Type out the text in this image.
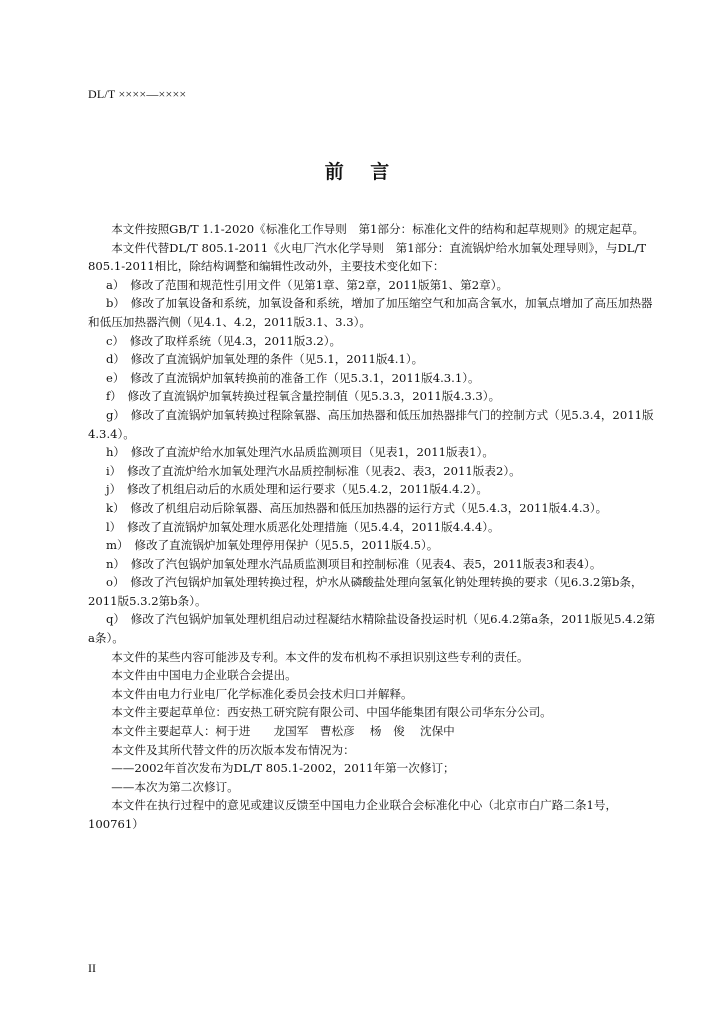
DL/T ××××—××××
前 言

本文件按照GB/T 1.1-2020《标准化工作导则　第1部分：标准化文件的结构和起草规则》的规定起草。

本文件代替DL/T 805.1-2011《火电厂汽水化学导则　第1部分：直流锅炉给水加氧处理导则》，与DL/T 805.1-2011相比，除结构调整和编辑性改动外，主要技术变化如下：

a）　修改了范围和规范性引用文件（见第1章、第2章，2011版第1、第2章）。

b）　修改了加氧设备和系统，加氧设备和系统，增加了加压缩空气和加高含氧水，加氧点增加了高压加热器和低压加热器汽侧（见4.1、4.2，2011版3.1、3.3）。

c）　修改了取样系统（见4.3，2011版3.2）。

d）　修改了直流锅炉加氧处理的条件（见5.1，2011版4.1）。

e）　修改了直流锅炉加氧转换前的准备工作（见5.3.1，2011版4.3.1）。

f）　修改了直流锅炉加氧转换过程氧含量控制值（见5.3.3，2011版4.3.3）。

g）　修改了直流锅炉加氧转换过程除氧器、高压加热器和低压加热器排气门的控制方式（见5.3.4，2011版4.3.4）。

h）　修改了直流炉给水加氧处理汽水品质监测项目（见表1，2011版表1）。

i）　修改了直流炉给水加氧处理汽水品质控制标准（见表2、表3，2011版表2）。

j）　修改了机组启动后的水质处理和运行要求（见5.4.2，2011版4.4.2）。

k）　修改了机组启动后除氧器、高压加热器和低压加热器的运行方式（见5.4.3，2011版4.4.3）。

l）　修改了直流锅炉加氧处理水质恶化处理措施（见5.4.4，2011版4.4.4）。

m）　修改了直流锅炉加氧处理停用保护（见5.5，2011版4.5）。

n）　修改了汽包锅炉加氧处理水汽品质监测项目和控制标准（见表4、表5，2011版表3和表4）。

o）　修改了汽包锅炉加氧处理转换过程，炉水从磷酸盐处理向氢氧化钠处理转换的要求（见6.3.2第b条，2011版5.3.2第b条）。

q）　修改了汽包锅炉加氧处理机组启动过程凝结水精除盐设备投运时机（见6.4.2第a条，2011版见5.4.2第a条）。

本文件的某些内容可能涉及专利。本文件的发布机构不承担识别这些专利的责任。

本文件由中国电力企业联合会提出。

本文件由电力行业电厂化学标准化委员会技术归口并解释。

本文件主要起草单位：西安热工研究院有限公司、中国华能集团有限公司华东分公司。

本文件主要起草人：柯于进　　龙国军　曹松彦　 杨　俊　 沈保中

本文件及其所代替文件的历次版本发布情况为：

——2002年首次发布为DL/T 805.1-2002，2011年第一次修订；

——本次为第二次修订。

本文件在执行过程中的意见或建议反馈至中国电力企业联合会标准化中心（北京市白广路二条1号，100761）

II
